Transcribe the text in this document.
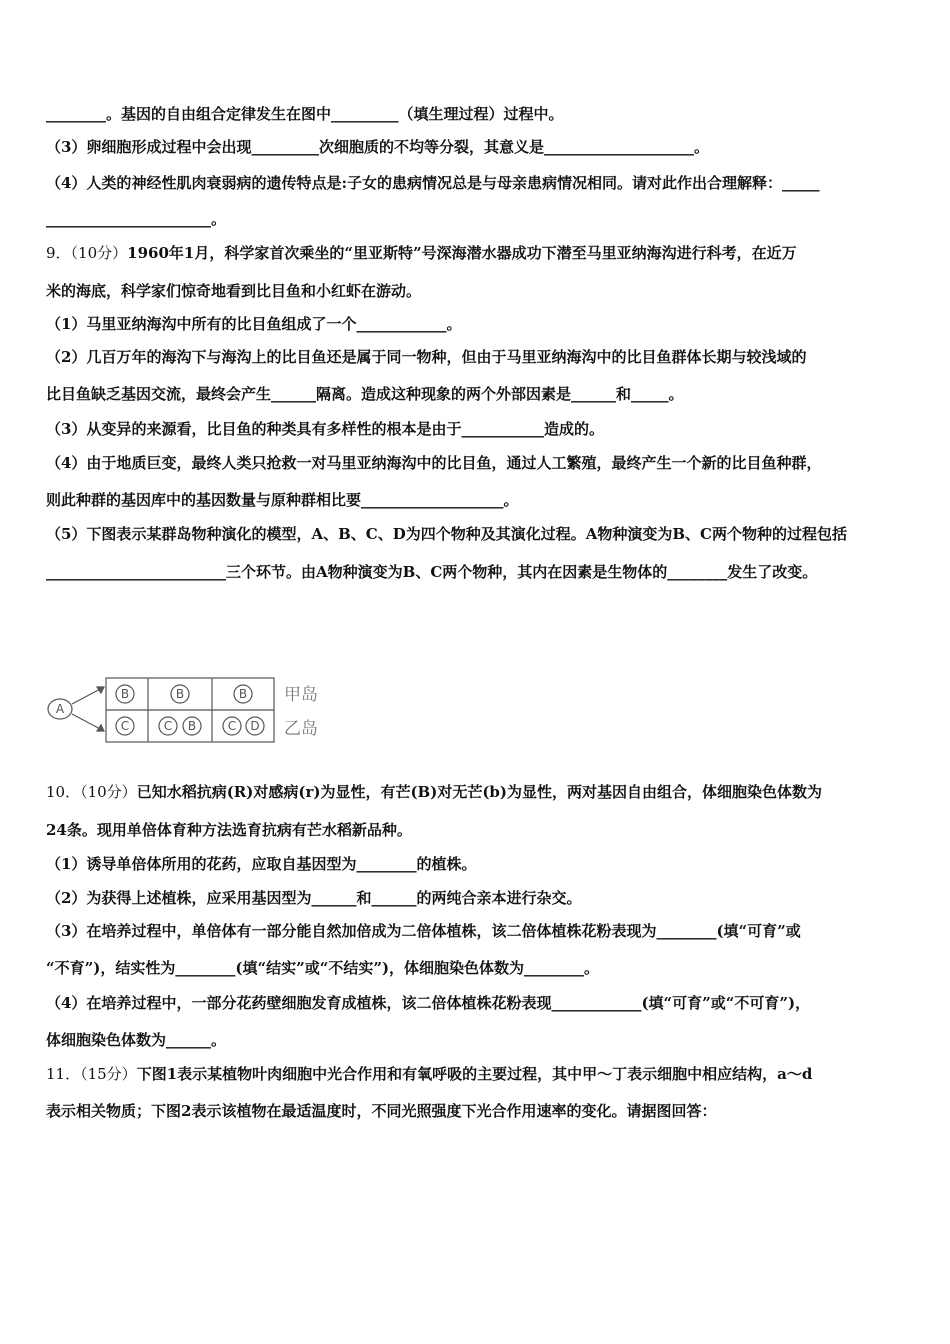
________。基因的自由组合定律发生在图中_________（填生理过程）过程中。
（3）卵细胞形成过程中会出现_________次细胞质的不均等分裂，其意义是____________________。
（4）人类的神经性肌肉衰弱病的遗传特点是:子女的患病情况总是与母亲患病情况相同。请对此作出合理解释：_____
______________________。
9．（10分）1960年1月，科学家首次乘坐的“里亚斯特”号深海潜水器成功下潜至马里亚纳海沟进行科考，在近万
米的海底，科学家们惊奇地看到比目鱼和小红虾在游动。
（1）马里亚纳海沟中所有的比目鱼组成了一个____________。
（2）几百万年的海沟下与海沟上的比目鱼还是属于同一物种，但由于马里亚纳海沟中的比目鱼群体长期与较浅域的
比目鱼缺乏基因交流，最终会产生______隔离。造成这种现象的两个外部因素是______和_____。
（3）从变异的来源看，比目鱼的种类具有多样性的根本是由于___________造成的。
（4）由于地质巨变，最终人类只抢救一对马里亚纳海沟中的比目鱼，通过人工繁殖，最终产生一个新的比目鱼种群，
则此种群的基因库中的基因数量与原种群相比要___________________。
（5）下图表示某群岛物种演化的模型，A、B、C、D为四个物种及其演化过程。A物种演变为B、C两个物种的过程包括
________________________三个环节。由A物种演变为B、C两个物种，其内在因素是生物体的________发生了改变。
A
B	B	B
C	C B	C D
甲岛
乙岛
10．（10分）已知水稻抗病(R)对感病(r)为显性，有芒(B)对无芒(b)为显性，两对基因自由组合，体细胞染色体数为
24条。现用单倍体育种方法选育抗病有芒水稻新品种。
（1）诱导单倍体所用的花药，应取自基因型为________的植株。
（2）为获得上述植株，应采用基因型为______和______的两纯合亲本进行杂交。
（3）在培养过程中，单倍体有一部分能自然加倍成为二倍体植株，该二倍体植株花粉表现为________(填“可育”或
“不育”)，结实性为________(填“结实”或“不结实”)，体细胞染色体数为________。
（4）在培养过程中，一部分花药壁细胞发育成植株，该二倍体植株花粉表现____________(填“可育”或“不可育”)，
体细胞染色体数为______。
11．（15分）下图1表示某植物叶肉细胞中光合作用和有氧呼吸的主要过程，其中甲～丁表示细胞中相应结构，a～d
表示相关物质；下图2表示该植物在最适温度时，不同光照强度下光合作用速率的变化。请据图回答：
